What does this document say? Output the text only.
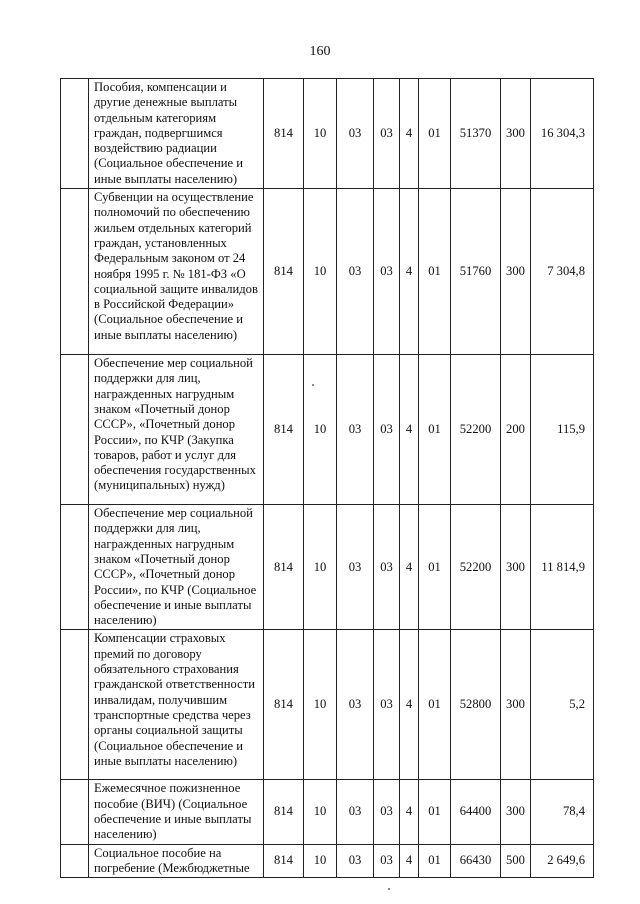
160
	Пособия, компенсации и другие денежные выплаты отдельным категориям граждан, подвергшимся воздействию радиации (Социальное обеспечение и иные выплаты населению)	814	10	03	03	4	01	51370	300	16 304,3
	Субвенции на осуществление полномочий по обеспечению жильем отдельных категорий граждан, установленных Федеральным законом от 24 ноября 1995 г. № 181-ФЗ «О социальной защите инвалидов в Российской Федерации» (Социальное обеспечение и иные выплаты населению)	814	10	03	03	4	01	51760	300	7 304,8
	Обеспечение мер социальной поддержки для лиц, награжденных нагрудным знаком «Почетный донор СССР», «Почетный донор России», по КЧР (Закупка товаров, работ и услуг для обеспечения государственных (муниципальных) нужд)	814	10	03	03	4	01	52200	200	115,9
	Обеспечение мер социальной поддержки для лиц, награжденных нагрудным знаком «Почетный донор СССР», «Почетный донор России», по КЧР (Социальное обеспечение и иные выплаты населению)	814	10	03	03	4	01	52200	300	11 814,9
	Компенсации страховых премий по договору обязательного страхования гражданской ответственности инвалидам, получившим транспортные средства через органы социальной защиты (Социальное обеспечение и иные выплаты населению)	814	10	03	03	4	01	52800	300	5,2
	Ежемесячное пожизненное пособие (ВИЧ) (Социальное обеспечение и иные выплаты населению)	814	10	03	03	4	01	64400	300	78,4
	Социальное пособие на погребение (Межбюджетные	814	10	03	03	4	01	66430	500	2 649,6
